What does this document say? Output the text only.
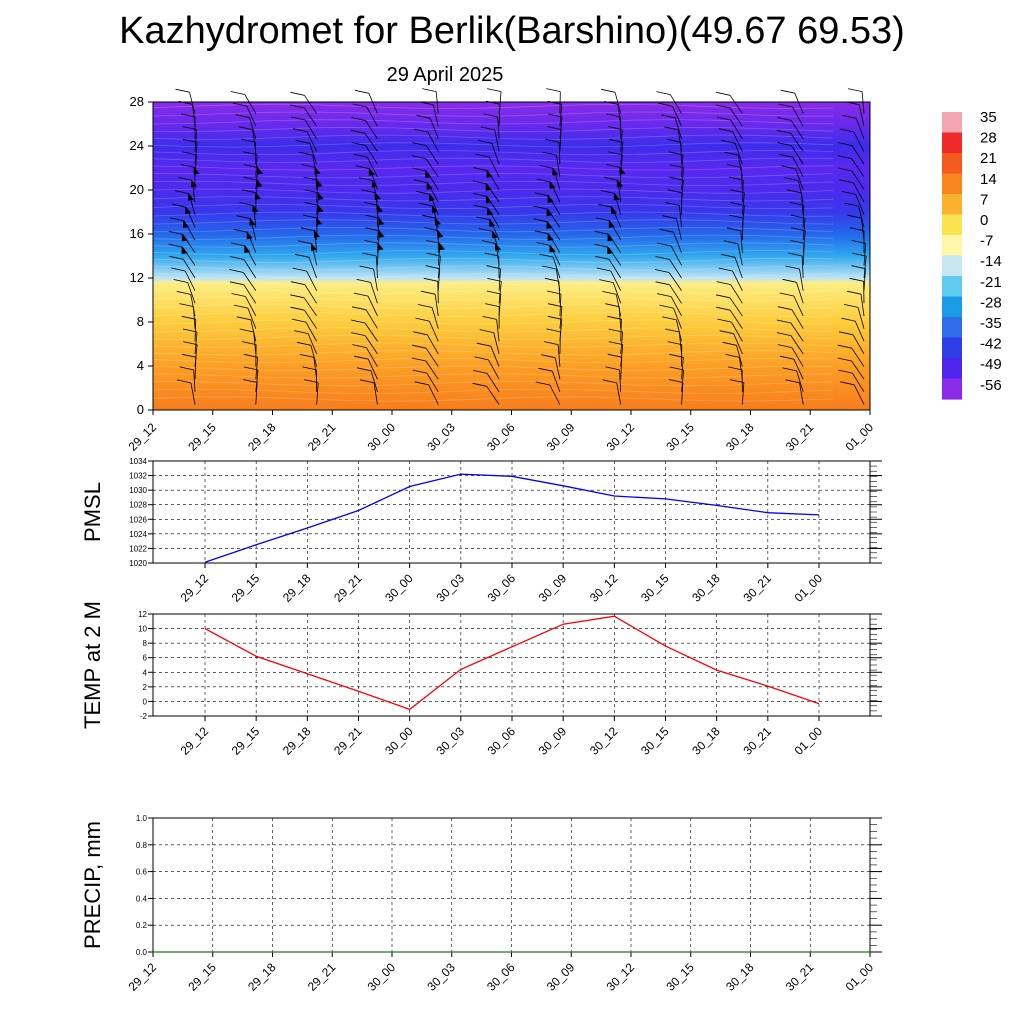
Kazhydromet for Berlik(Barshino)(49.67 69.53)
29 April 2025
0
4
8
12
16
20
24
28
29_12 29_15 29_18 29_21 30_00 30_03 30_06 30_09 30_12 30_15 30_18 30_21 01_00
35
28
21
14
7
0
-7
-14
-21
-28
-35
-42
-49
-56
1020
1022
1024
1026
1028
1030
1032
1034
29_12 29_15 29_18 29_21 30_00 30_03 30_06 30_09 30_12 30_15 30_18 30_21 01_00
PMSL
-2
0
2
4
6
8
10
12
29_12 29_15 29_18 29_21 30_00 30_03 30_06 30_09 30_12 30_15 30_18 30_21 01_00
TEMP at 2 M
0.0
0.2
0.4
0.6
0.8
1.0
29_12 29_15 29_18 29_21 30_00 30_03 30_06 30_09 30_12 30_15 30_18 30_21 01_00
PRECIP, mm
